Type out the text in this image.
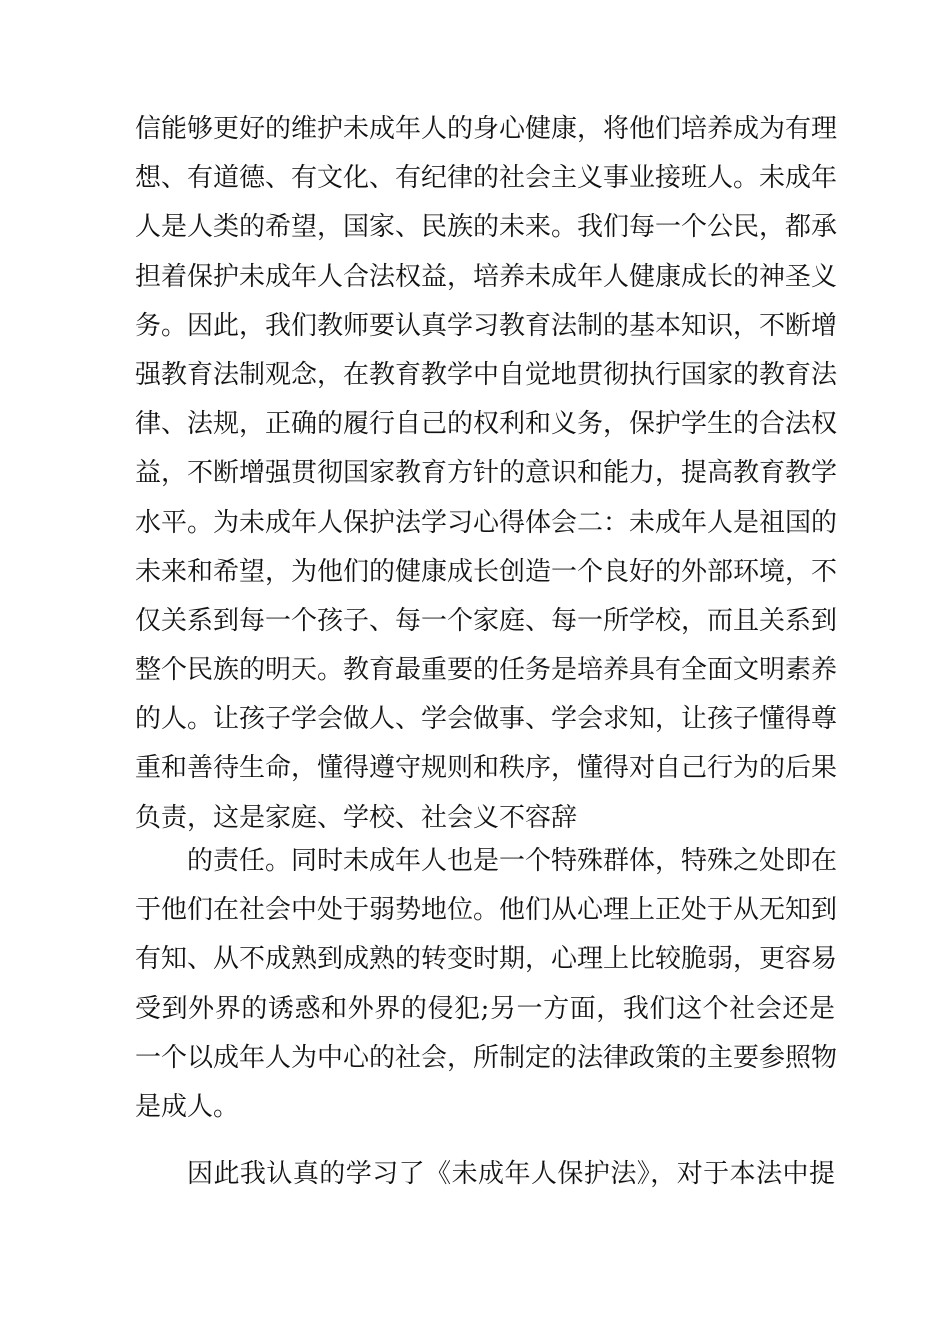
信能够更好的维护未成年人的身心健康，将他们培养成为有理
想、有道德、有文化、有纪律的社会主义事业接班人。未成年
人是人类的希望，国家、民族的未来。我们每一个公民，都承
担着保护未成年人合法权益，培养未成年人健康成长的神圣义
务。因此，我们教师要认真学习教育法制的基本知识，不断增
强教育法制观念，在教育教学中自觉地贯彻执行国家的教育法
律、法规，正确的履行自己的权利和义务，保护学生的合法权
益，不断增强贯彻国家教育方针的意识和能力，提高教育教学
水平。为未成年人保护法学习心得体会二：未成年人是祖国的
未来和希望，为他们的健康成长创造一个良好的外部环境，不
仅关系到每一个孩子、每一个家庭、每一所学校，而且关系到
整个民族的明天。教育最重要的任务是培养具有全面文明素养
的人。让孩子学会做人、学会做事、学会求知，让孩子懂得尊
重和善待生命，懂得遵守规则和秩序，懂得对自己行为的后果
负责，这是家庭、学校、社会义不容辞
的责任。同时未成年人也是一个特殊群体，特殊之处即在
于他们在社会中处于弱势地位。他们从心理上正处于从无知到
有知、从不成熟到成熟的转变时期，心理上比较脆弱，更容易
受到外界的诱惑和外界的侵犯;另一方面，我们这个社会还是
一个以成年人为中心的社会，所制定的法律政策的主要参照物
是成人。
因此我认真的学习了《未成年人保护法》，对于本法中提
